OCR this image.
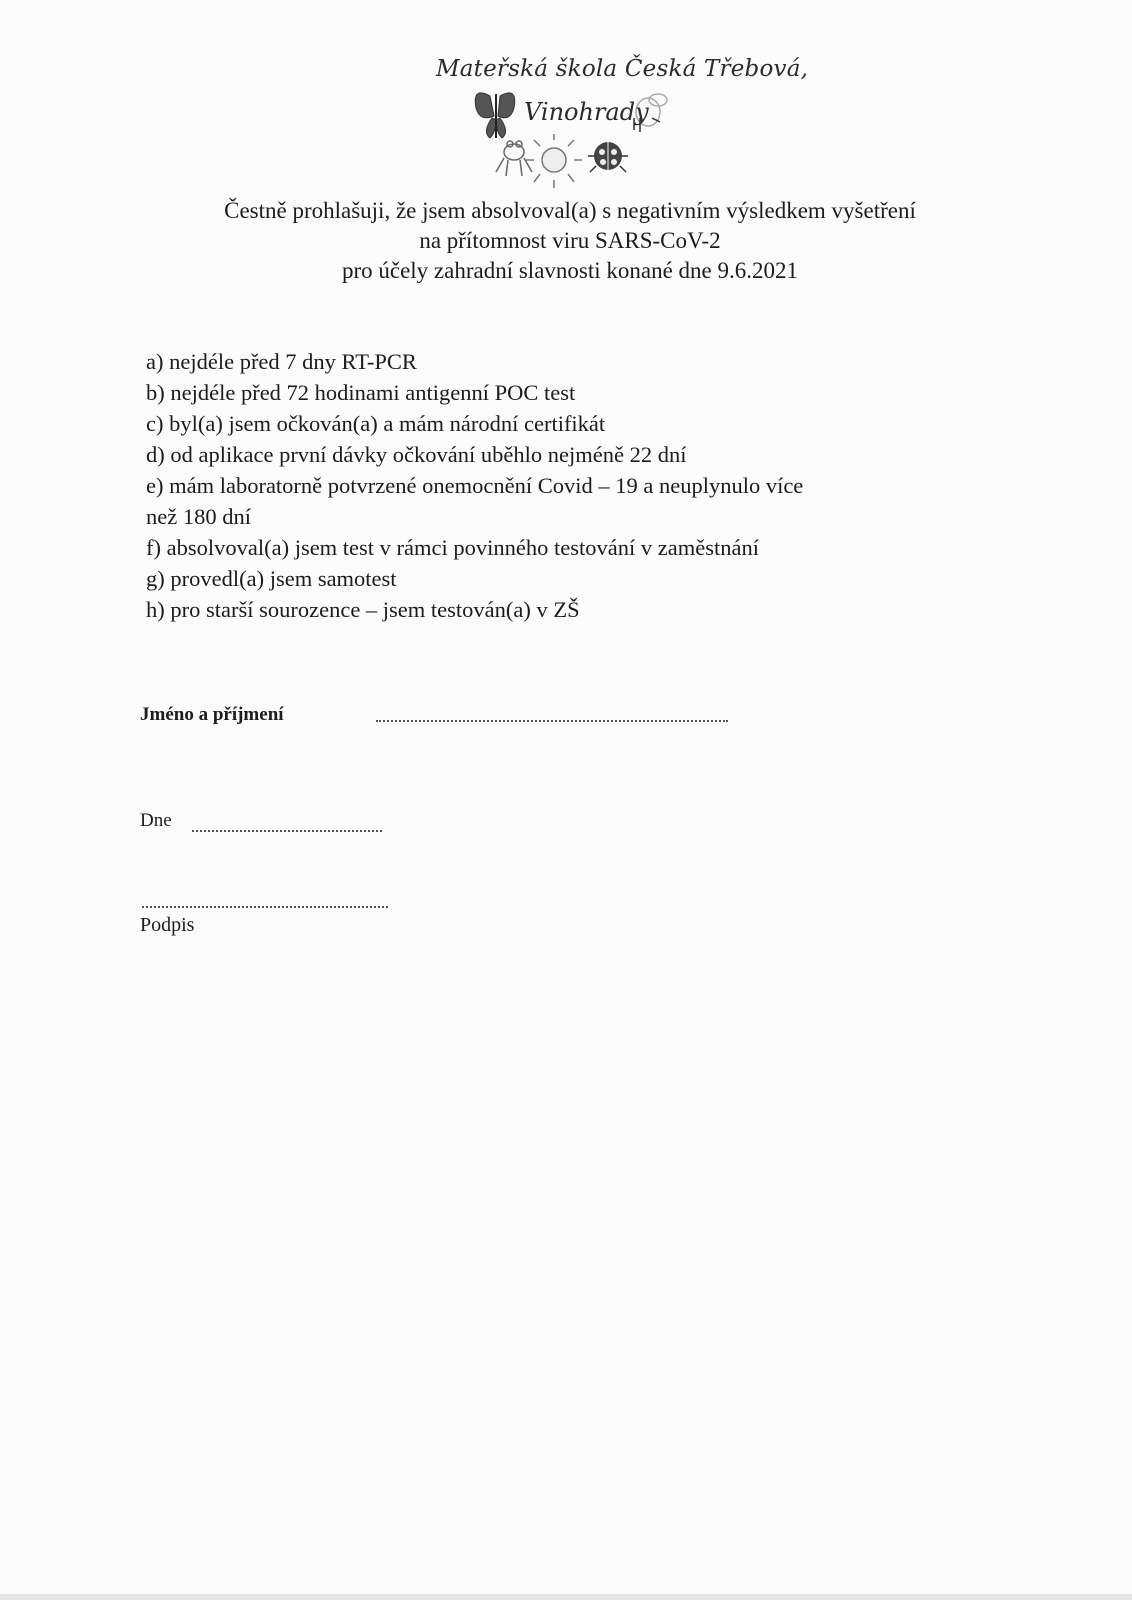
Mateřská škola Česká Třebová,
Vinohrady
Čestně prohlašuji, že jsem absolvoval(a) s negativním výsledkem vyšetření
na přítomnost viru SARS-CoV-2
pro účely zahradní slavnosti konané dne 9.6.2021
a) nejdéle před 7 dny RT-PCR
b) nejdéle před 72 hodinami antigenní POC test
c) byl(a) jsem očkován(a) a mám národní certifikát
d) od aplikace první dávky očkování uběhlo nejméně 22 dní
e) mám laboratorně potvrzené onemocnění Covid – 19 a neuplynulo více
než 180 dní
f) absolvoval(a) jsem test v rámci povinného testování v zaměstnání
g) provedl(a) jsem samotest
h) pro starší sourozence – jsem testován(a) v ZŠ
Jméno a příjmení
Dne
Podpis
